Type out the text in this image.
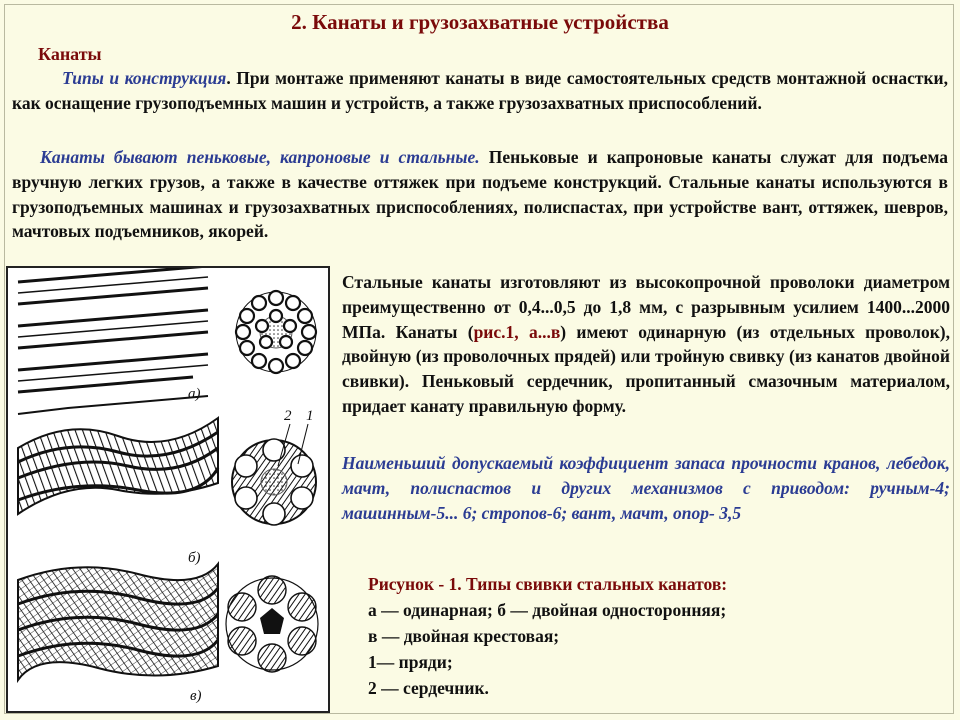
2. Канаты и грузозахватные устройства
Канаты
Типы и конструкция. При монтаже применяют канаты в виде самостоятельных средств монтажной оснастки, как оснащение грузоподъемных машин и устройств, а также грузозахватных приспособлений.
Канаты бывают пеньковые, капроновые и стальные. Пеньковые и капроновые канаты служат для подъема вручную легких грузов, а также в качестве оттяжек при подъеме конструкций. Стальные канаты используются в грузоподъемных машинах и грузозахватных приспособлениях, полиспастах, при устройстве вант, оттяжек, шевров, мачтовых подъемников, якорей.
Стальные канаты изготовляют из высокопрочной проволоки диаметром преимущественно от 0,4...0,5 до 1,8 мм, с разрывным усилием 1400...2000 МПа. Канаты (рис.1, а...в) имеют одинарную (из отдельных проволок), двойную (из проволочных прядей) или тройную свивку (из канатов двойной свивки). Пеньковый сердечник, пропитанный смазочным материалом, придает канату правильную форму.
Наименьший допускаемый коэффициент запаса прочности кранов, лебедок, мачт, полиспастов и других механизмов с приводом: ручным-4; машинным-5... 6; стропов-6; вант, мачт, опор- 3,5
Рисунок - 1. Типы свивки стальных канатов:
а — одинарная; б — двойная односторонняя;
в — двойная крестовая;
1— пряди;
2 — сердечник.
а)
б)
2 1
в)
